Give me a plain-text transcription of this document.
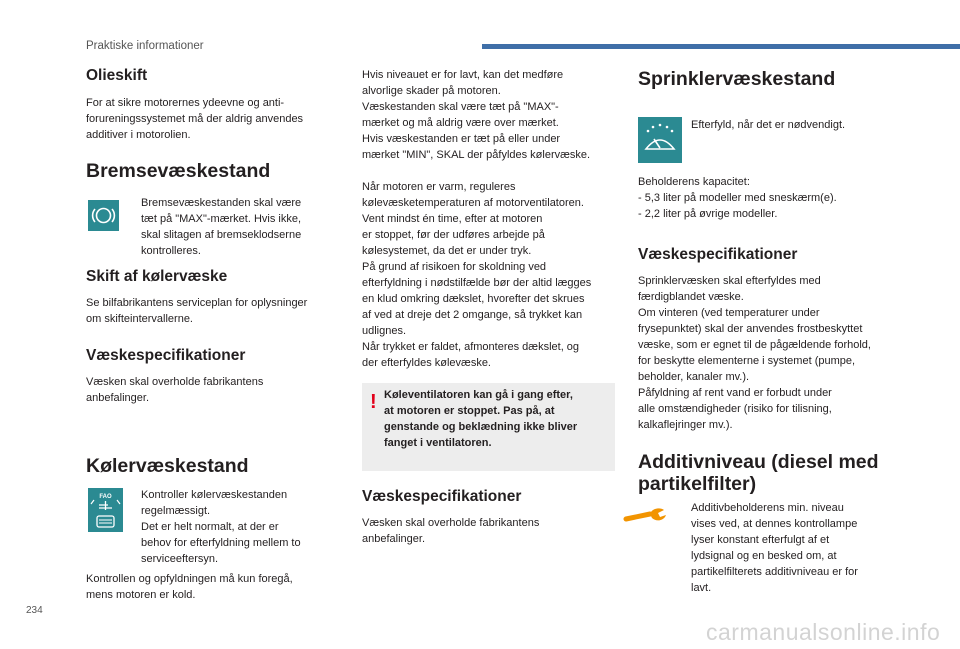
Praktiske informationer
Olieskift
For at sikre motorernes ydeevne og anti-
forureningssystemet må der aldrig anvendes
additiver i motorolien.
Bremsevæskestand
Bremsevæskestanden skal være
tæt på "MAX"-mærket. Hvis ikke,
skal slitagen af bremseklodserne
kontrolleres.
Skift af kølervæske
Se bilfabrikantens serviceplan for oplysninger
om skifteintervallerne.
Væskespecifikationer
Væsken skal overholde fabrikantens
anbefalinger.
Kølervæskestand
FAO	Kontroller kølervæskestanden
regelmæssigt.
Det er helt normalt, at der er
behov for efterfyldning mellem to
serviceeftersyn.
Kontrollen og opfyldningen må kun foregå,
mens motoren er kold.
Hvis niveauet er for lavt, kan det medføre
alvorlige skader på motoren.
Væskestanden skal være tæt på "MAX"-
mærket og må aldrig være over mærket.
Hvis væskestanden er tæt på eller under
mærket "MIN", SKAL der påfyldes kølervæske.
Når motoren er varm, reguleres
kølevæsketemperaturen af motorventilatoren.
Vent mindst én time, efter at motoren
er stoppet, før der udføres arbejde på
kølesystemet, da det er under tryk.
På grund af risikoen for skoldning ved
efterfyldning i nødstilfælde bør der altid lægges
en klud omkring dækslet, hvorefter det skrues
af ved at dreje det 2 omgange, så trykket kan
udlignes.
Når trykket er faldet, afmonteres dækslet, og
der efterfyldes kølevæske.
! Køleventilatoren kan gå i gang efter,
at motoren er stoppet. Pas på, at
genstande og beklædning ikke bliver
fanget i ventilatoren.
Væskespecifikationer
Væsken skal overholde fabrikantens
anbefalinger.
Sprinklervæskestand
Efterfyld, når det er nødvendigt.
Beholderens kapacitet:
- 5,3 liter på modeller med sneskærm(e).
- 2,2 liter på øvrige modeller.
Væskespecifikationer
Sprinklervæsken skal efterfyldes med
færdigblandet væske.
Om vinteren (ved temperaturer under
frysepunktet) skal der anvendes frostbeskyttet
væske, som er egnet til de pågældende forhold,
for beskytte elementerne i systemet (pumpe,
beholder, kanaler mv.).
Påfyldning af rent vand er forbudt under
alle omstændigheder (risiko for tilisning,
kalkaflejringer mv.).
Additivniveau (diesel med
partikelfilter)
Additivbeholderens min. niveau
vises ved, at dennes kontrollampe
lyser konstant efterfulgt af et
lydsignal og en besked om, at
partikelfilterets additivniveau er for
lavt.
234
carmanualsonline.info
